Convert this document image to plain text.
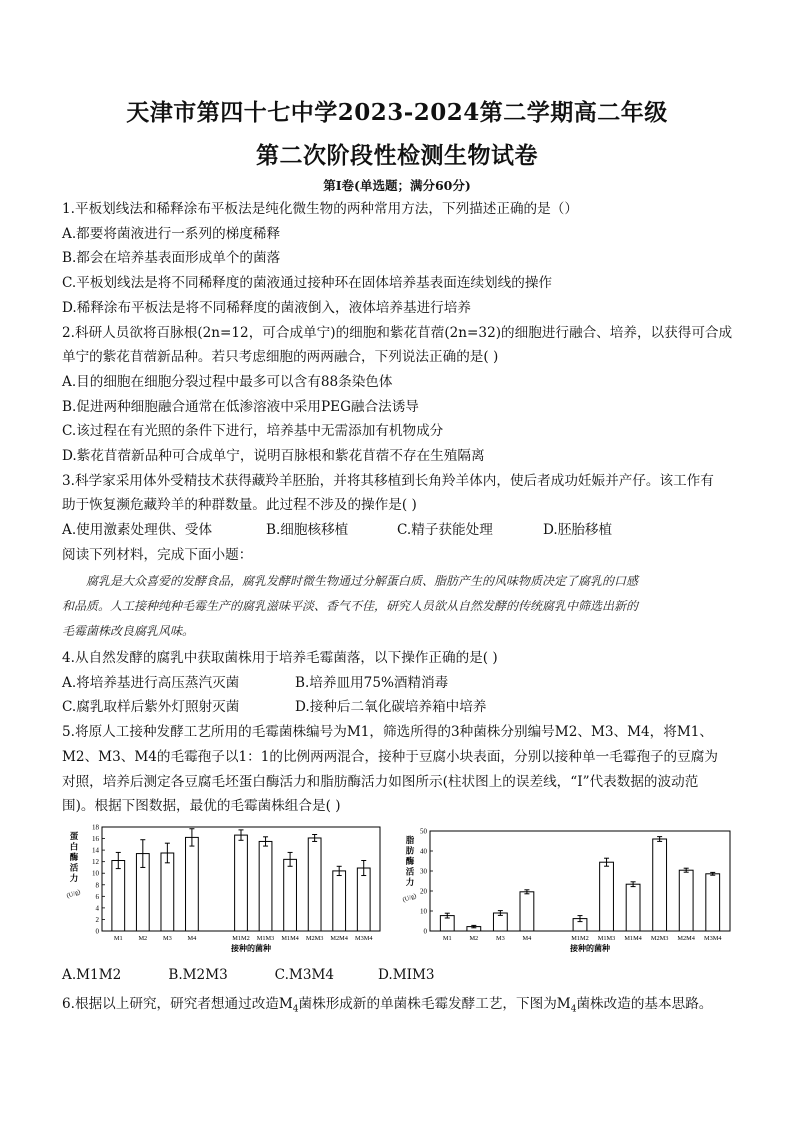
天津市第四十七中学2023-2024第二学期高二年级
第二次阶段性检测生物试卷
第Ⅰ卷(单选题；满分60分)

1.平板划线法和稀释涂布平板法是纯化微生物的两种常用方法，下列描述正确的是（）

A.都要将菌液进行一系列的梯度稀释

B.都会在培养基表面形成单个的菌落

C.平板划线法是将不同稀释度的菌液通过接种环在固体培养基表面连续划线的操作

D.稀释涂布平板法是将不同稀释度的菌液倒入，液体培养基进行培养

2.科研人员欲将百脉根(2n=12，可合成单宁)的细胞和紫花苜蓿(2n=32)的细胞进行融合、培养，以获得可合成

单宁的紫花苜蓿新品种。若只考虑细胞的两两融合，下列说法正确的是( )

A.目的细胞在细胞分裂过程中最多可以含有88条染色体

B.促进两种细胞融合通常在低渗溶液中采用PEG融合法诱导

C.该过程在有光照的条件下进行，培养基中无需添加有机物成分

D.紫花苜蓿新品种可合成单宁，说明百脉根和紫花苜蓿不存在生殖隔离

3.科学家采用体外受精技术获得藏羚羊胚胎，并将其移植到长角羚羊体内，使后者成功妊娠并产仔。该工作有

助于恢复濒危藏羚羊的种群数量。此过程不涉及的操作是( )

A.使用激素处理供、受体	B.细胞核移植	C.精子获能处理	D.胚胎移植

阅读下列材料，完成下面小题：

腐乳是大众喜爱的发酵食品，腐乳发酵时微生物通过分解蛋白质、脂肪产生的风味物质决定了腐乳的口感

和品质。人工接种纯种毛霉生产的腐乳滋味平淡、香气不佳，研究人员欲从自然发酵的传统腐乳中筛选出新的

毛霉菌株改良腐乳风味。

4.从自然发酵的腐乳中获取菌株用于培养毛霉菌落，以下操作正确的是( )

A.将培养基进行高压蒸汽灭菌	B.培养皿用75%酒精消毒
C.腐乳取样后紫外灯照射灭菌	D.接种后二氧化碳培养箱中培养

5.将原人工接种发酵工艺所用的毛霉菌株编号为M1，筛选所得的3种菌株分别编号M2、M3、M4，将M1、

M2、M3、M4的毛霉孢子以1：1的比例两两混合，接种于豆腐小块表面，分别以接种单一毛霉孢子的豆腐为

对照，培养后测定各豆腐毛坯蛋白酶活力和脂肪酶活力如图所示(柱状图上的误差线，“I”代表数据的波动范

围)。根据下图数据，最优的毛霉菌株组合是( )

0
2
4
6
8
10
12
14
16
18
蛋
白
酶
活
力
(U/g)
M1	M2	M3	M4	M1M2 M1M3 M1M4 M2M3 M2M4 M3M4
接种的菌种
0
10
20
30
40
50
脂
肪
酶
活
力
(U/g)
M1	M2	M3	M4	M1M2 M1M3 M1M4 M2M3 M2M4 M3M4
接种的菌种
A.M1M2	B.M2M3	C.M3M4	D.MIM3
6.根据以上研究，研究者想通过改造$M_4$菌株形成新的单菌株毛霉发酵工艺，下图为$M_4$菌株改造的基本思路。
